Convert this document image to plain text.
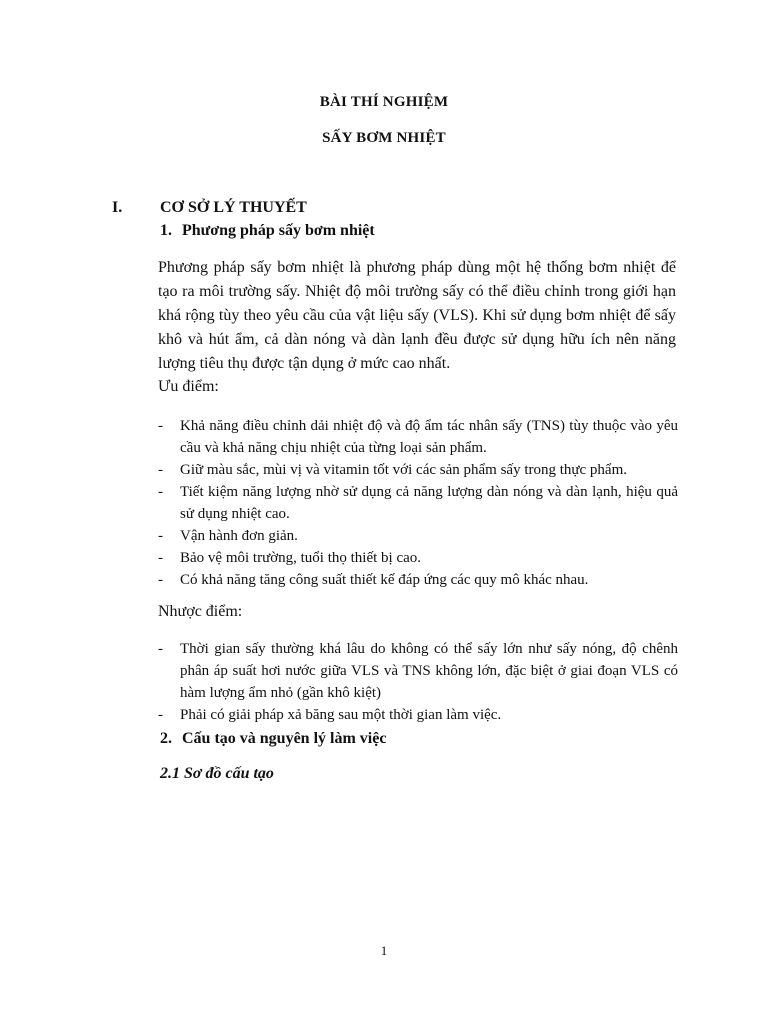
BÀI THÍ NGHIỆM
SẤY BƠM NHIỆT
I. CƠ SỞ LÝ THUYẾT
1. Phương pháp sấy bơm nhiệt
Phương pháp sấy bơm nhiệt là phương pháp dùng một hệ thống bơm nhiệt để tạo ra môi trường sấy. Nhiệt độ môi trường sấy có thể điều chỉnh trong giới hạn khá rộng tùy theo yêu cầu của vật liệu sấy (VLS). Khi sử dụng bơm nhiệt để sấy khô và hút ẩm, cả dàn nóng và dàn lạnh đều được sử dụng hữu ích nên năng lượng tiêu thụ được tận dụng ở mức cao nhất.
Ưu điểm:
- Khả năng điều chỉnh dải nhiệt độ và độ ẩm tác nhân sấy (TNS) tùy thuộc vào yêu cầu và khả năng chịu nhiệt của từng loại sản phẩm.
- Giữ màu sắc, mùi vị và vitamin tốt với các sản phẩm sấy trong thực phẩm.
- Tiết kiệm năng lượng nhờ sử dụng cả năng lượng dàn nóng và dàn lạnh, hiệu quả sử dụng nhiệt cao.
- Vận hành đơn giản.
- Bảo vệ môi trường, tuổi thọ thiết bị cao.
- Có khả năng tăng công suất thiết kế đáp ứng các quy mô khác nhau.
Nhược điểm:
- Thời gian sấy thường khá lâu do không có thể sấy lớn như sấy nóng, độ chênh phân áp suất hơi nước giữa VLS và TNS không lớn, đặc biệt ở giai đoạn VLS có hàm lượng ẩm nhỏ (gần khô kiệt)
- Phải có giải pháp xả băng sau một thời gian làm việc.
2. Cấu tạo và nguyên lý làm việc
2.1 Sơ đồ cấu tạo
1
